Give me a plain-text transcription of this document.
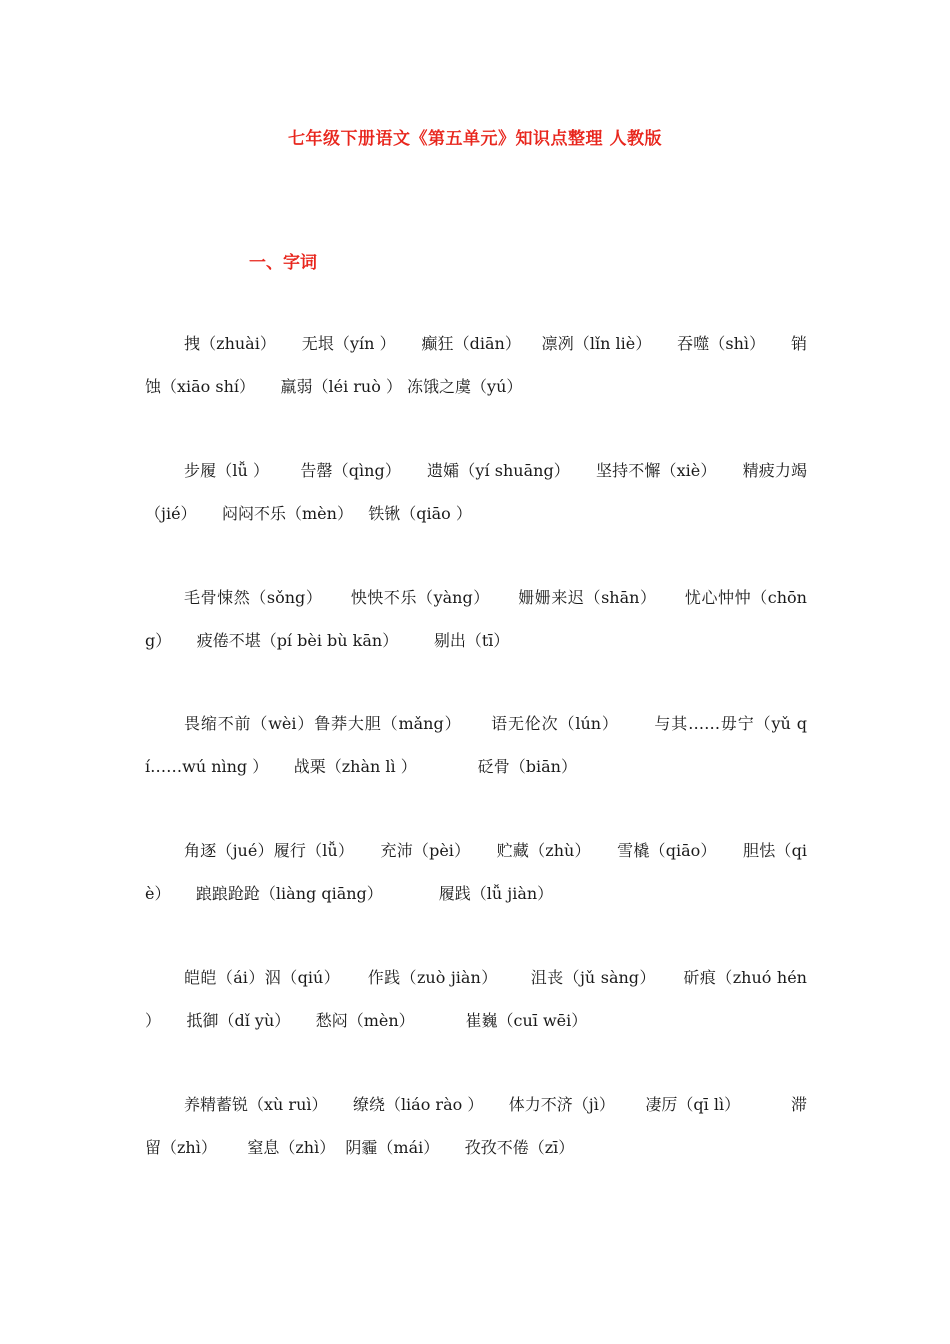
七年级下册语文《第五单元》知识点整理 人教版
一、字词

拽（zhuài） 无垠（yín ） 癫狂（diān） 凛冽（lǐn liè） 吞噬（shì） 销蚀（xiāo shí） 羸弱（léi ruò ） 冻饿之虞（yú）

步履（lǚ ） 告罄（qìng） 遗孀（yí shuāng） 坚持不懈（xiè） 精疲力竭（jié） 闷闷不乐（mèn） 铁锹（qiāo ）

毛骨悚然（sǒng） 怏怏不乐（yàng） 姗姗来迟（shān） 忧心忡忡（chōng） 疲倦不堪（pí bèi bù kān） 剔出（tī）

畏缩不前（wèi）鲁莽大胆（mǎng） 语无伦次（lún） 与其……毋宁（yǔ qí……wú nìng ） 战栗（zhàn lì ）	砭骨（biān）

角逐（jué）履行（lǚ） 充沛（pèi） 贮藏（zhù） 雪橇（qiāo） 胆怯（qiè） 踉踉跄跄（liàng qiāng）	履践（lǚ jiàn）

皑皑（ái）泅（qiú） 作践（zuò jiàn） 沮丧（jǔ sàng） 斫痕（zhuó hén ） 抵御（dǐ yù） 愁闷（mèn）	崔巍（cuī wēi）

养精蓄锐（xù ruì） 缭绕（liáo rào ） 体力不济（jì） 凄厉（qī lì）	滞留（zhì） 窒息（zhì） 阴霾（mái） 孜孜不倦（zī）
